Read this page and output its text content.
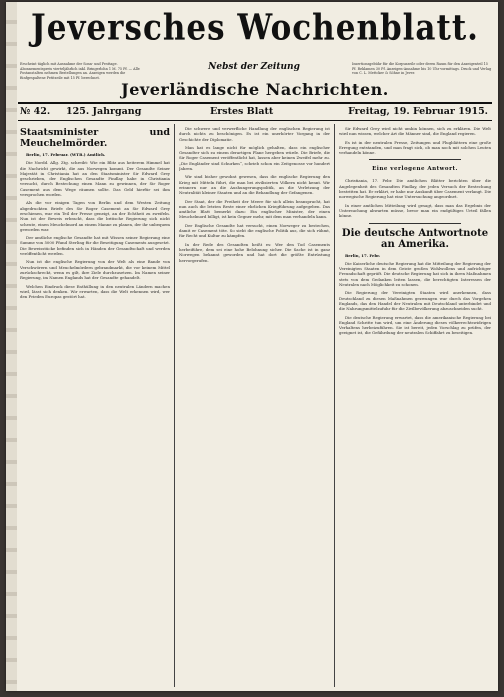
Jeversches Wochenblatt.
Erscheint täglich mit Ausnahme der Sonn- und Festtage. Abonnementspreis vierteljährlich inkl. Bringerlohn 1 M. 75 Pf. — Alle Postanstalten nehmen Bestellungen an. Anzeigen werden die fünfgespaltene Petitzeile mit 15 Pf. berechnet.
Nebst der Zeitung	Insertionsgebühr für die Korpuszeile oder deren Raum für den Anzeigenteil 15 Pf. Reklamen 30 Pf. Anzeigen-Annahme bis 10 Uhr vormittags. Druck und Verlag von C. L. Mettcker & Söhne in Jever.
Jeverländische Nachrichten.
№ 42. 125. Jahrgang	Erstes Blatt	Freitag, 19. Februar 1915.
Staatsminister und Meuchelmörder.

Berlin, 17. Februar. (WTB.) Amtlich.

Die Nordd. Allg. Ztg. schreibt: Wie ein Blitz aus heiterem Himmel hat die Nachricht gewirkt, die aus Norwegen kommt. Der Gesandte Seiner Majestät in Christiania hat an den Staatsminister Sir Edward Grey geschrieben, der Englischen Gesandte Findlay habe in Christiania versucht, durch Bestechung einen Mann zu gewinnen, der Sir Roger Casement aus dem Wege räumen sollte. Das Geld hierfür sei ihm versprochen worden.

Als die vor einigen Tagen von Berlin und dem Westen Zeitung abgedruckten Briefe des Sir Roger Casement an Sir Edward Grey erschienen, war ein Teil der Presse geneigt, an der Echtheit zu zweifeln. Nun ist der Beweis erbracht, dass die britische Regierung sich nicht scheute, einen Meuchelmord an einem Manne zu planen, der ihr unbequem geworden war.

Der amtliche englische Gesandte hat mit Wissen seiner Regierung eine Summe von 5000 Pfund Sterling für die Beseitigung Casements ausgesetzt. Die Beweisstücke befinden sich in Händen der Gesandtschaft und werden veröffentlicht werden.

Nun ist die englische Regierung von der Welt als eine Bande von Verschwörern und Meuchelmördern gebrandmarkt, die vor keinem Mittel zurückschreckt, wenn es gilt, ihre Ziele durchzusetzen. Im Namen seiner Regierung, im Namen Englands hat der Gesandte gehandelt.

Welchen Eindruck diese Enthüllung in den neutralen Ländern machen wird, lässt sich denken. Wir erwarten, dass die Welt erkennen wird, wer den Frieden Europas gestört hat.

Die schwere und verwerfliche Handlung der englischen Regierung ist durch nichts zu beschönigen. Es ist ein unerhörter Vorgang in der Geschichte der Diplomatie.

Man hat es lange nicht für möglich gehalten, dass ein englischer Gesandter sich zu einem derartigen Plane hergeben würde. Die Briefe, die Sir Roger Casement veröffentlicht hat, lassen aber keinen Zweifel mehr zu. „Die Engländer sind Schurken“, schrieb schon ein Zeitgenosse vor hundert Jahren.

Wir sind bisher gewohnt gewesen, dass die englische Regierung den Krieg mit Mitteln führt, die man bei zivilisierten Völkern nicht kennt. Wir erinnern nur an die Aushungerungspolitik, an die Verletzung der Neutralität kleiner Staaten und an die Behandlung der Gefangenen.

Der Staat, der die Freiheit der Meere für sich allein beansprucht, hat nun auch die letzten Reste einer ehrlichen Kriegführung aufgegeben. Das amtliche Blatt bemerkt dazu: Ein englischer Minister, der einen Meuchelmord billigt, ist kein Gegner mehr, mit dem man verhandeln kann.

Der Englische Gesandte hat versucht, einen Norweger zu bestechen, damit er Casement töte. So sieht die englische Politik aus, die sich rühmt, für Recht und Kultur zu kämpfen.

In der Rede des Gesandten heißt es: Wer den Tod Casements herbeiführe, dem sei eine hohe Belohnung sicher. Die Sache ist in ganz Norwegen bekannt geworden und hat dort die größte Entrüstung hervorgerufen.

Sir Edward Grey wird nicht umhin können, sich zu erklären. Die Welt wird nun wissen, welcher Art die Männer sind, die England regieren.

Es ist in der neutralen Presse, Zeitungen und Flugblättern eine große Erregung entstanden, und man fragt sich, ob man noch mit solchen Leuten verhandeln könne.

Eine verlogene Antwort.

Christiania, 17. Febr. Die amtlichen Blätter berichten über die Angelegenheit des Gesandten Findlay, der jeden Versuch der Bestechung bestritten hat. Er erklärt, er habe nur Auskunft über Casement verlangt. Die norwegische Regierung hat eine Untersuchung angeordnet.

In einer amtlichen Mitteilung wird gesagt, dass man das Ergebnis der Untersuchung abwarten müsse, bevor man ein endgültiges Urteil fällen könne.

Die deutsche Antwortnote an Amerika.

Berlin, 17. Febr.

Die Kaiserliche deutsche Regierung hat die Mitteilung der Regierung der Vereinigten Staaten in dem Geiste großen Wohlwollens und aufrichtiger Freundschaft geprüft. Die deutsche Regierung hat sich in ihren Maßnahmen stets von dem Gedanken leiten lassen, die berechtigten Interessen der Neutralen nach Möglichkeit zu schonen.

Die Regierung der Vereinigten Staaten wird anerkennen, dass Deutschland zu diesen Maßnahmen gezwungen war durch das Vorgehen Englands, das den Handel der Neutralen mit Deutschland unterbindet und die Nahrungsmittelzufuhr für die Zivilbevölkerung abzuschneiden sucht.

Die deutsche Regierung erwartet, dass die amerikanische Regierung bei England Schritte tun wird, um eine Änderung dieses völkerrechtswidrigen Verhaltens herbeizuführen. Sie ist bereit, jeden Vorschlag zu prüfen, der geeignet ist, die Gefährdung der neutralen Schiffahrt zu beseitigen.
